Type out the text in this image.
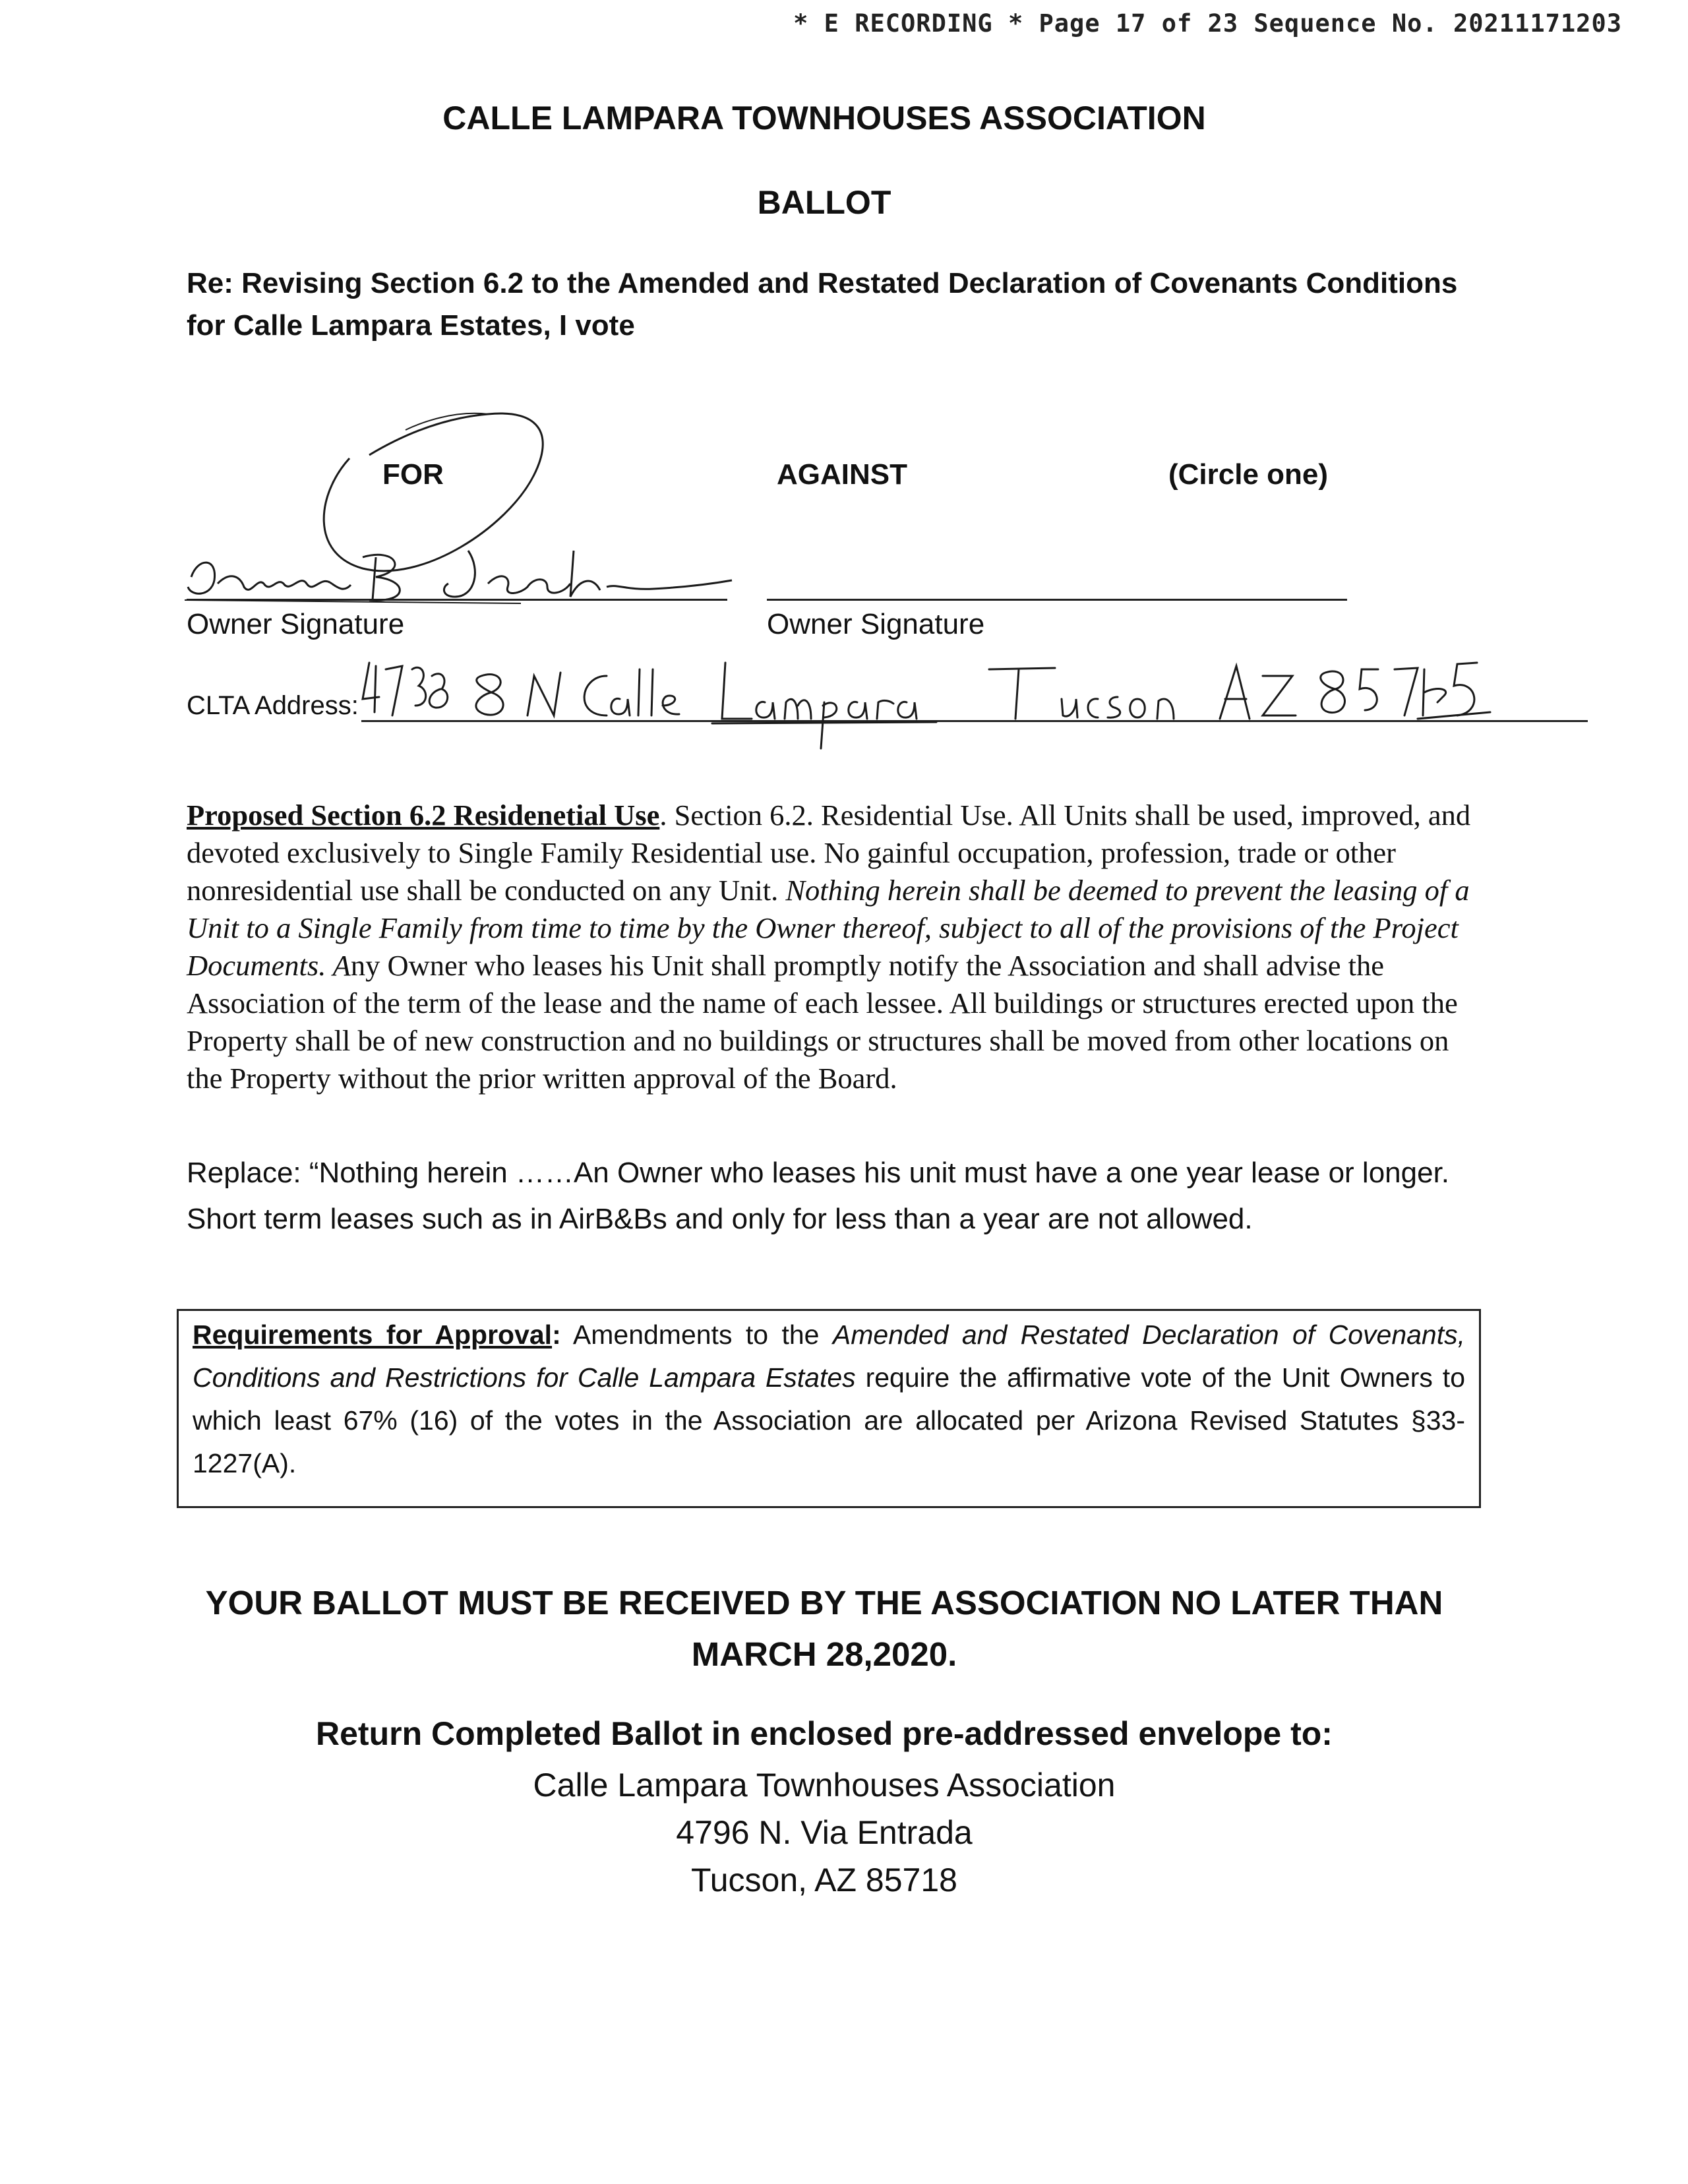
* E RECORDING * Page 17 of 23 Sequence No. 20211171203
CALLE LAMPARA TOWNHOUSES ASSOCIATION
BALLOT
Re: Revising Section 6.2 to the Amended and Restated Declaration of Covenants Conditions for Calle Lampara Estates, I vote
FOR	AGAINST	(Circle one)
Owner Signature	Owner Signature
CLTA Address:
Proposed Section 6.2 Residenetial Use. Section 6.2. Residential Use. All Units shall be used, improved, and devoted exclusively to Single Family Residential use. No gainful occupation, profession, trade or other nonresidential use shall be conducted on any Unit. Nothing herein shall be deemed to prevent the leasing of a Unit to a Single Family from time to time by the Owner thereof, subject to all of the provisions of the Project Documents. Any Owner who leases his Unit shall promptly notify the Association and shall advise the Association of the term of the lease and the name of each lessee. All buildings or structures erected upon the Property shall be of new construction and no buildings or structures shall be moved from other locations on the Property without the prior written approval of the Board.
Replace: “Nothing herein ……An Owner who leases his unit must have a one year lease or longer. Short term leases such as in AirB&Bs and only for less than a year are not allowed.
Requirements for Approval: Amendments to the Amended and Restated Declaration of Covenants, Conditions and Restrictions for Calle Lampara Estates require the affirmative vote of the Unit Owners to which least 67% (16) of the votes in the Association are allocated per Arizona Revised Statutes §33-1227(A).
YOUR BALLOT MUST BE RECEIVED BY THE ASSOCIATION NO LATER THAN
MARCH 28,2020.
Return Completed Ballot in enclosed pre-addressed envelope to:
Calle Lampara Townhouses Association
4796 N. Via Entrada
Tucson, AZ 85718
